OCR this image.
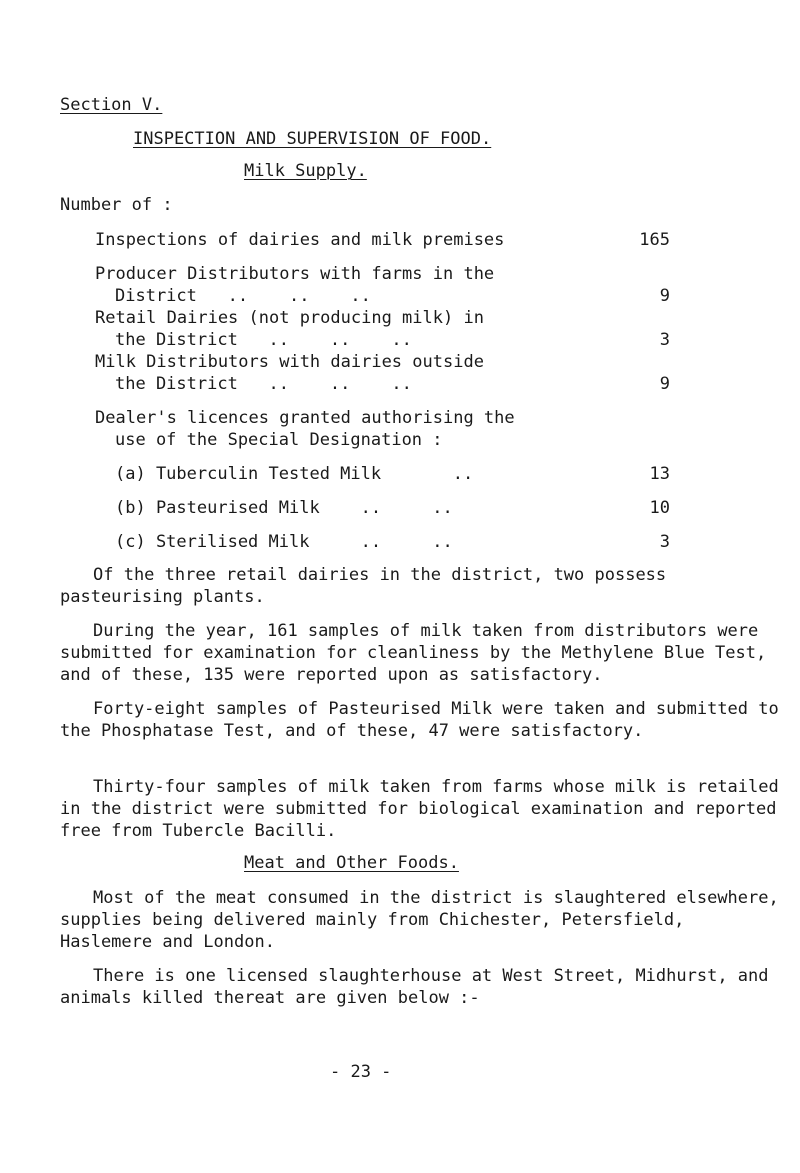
Section V.
INSPECTION AND SUPERVISION OF FOOD.
Milk Supply.
Number of :
Inspections of dairies and milk premises	165
Producer Distributors with farms in the
District   ..    ..    ..	9
Retail Dairies (not producing milk) in
the District   ..    ..    ..	3
Milk Distributors with dairies outside
the District   ..    ..    ..	9
Dealer's licences granted authorising the
use of the Special Designation :
(a) Tuberculin Tested Milk       ..	13
(b) Pasteurised Milk    ..     ..	10
(c) Sterilised Milk     ..     ..	3

Of the three retail dairies in the district, two possess pasteurising plants.

During the year, 161 samples of milk taken from distributors were submitted for examination for cleanliness by the Methylene Blue Test, and of these, 135 were reported upon as satisfactory.

Forty-eight samples of Pasteurised Milk were taken and submitted to the Phosphatase Test, and of these, 47 were satisfactory.

Thirty-four samples of milk taken from farms whose milk is retailed in the district were submitted for biological examination and reported free from Tubercle Bacilli.

Meat and Other Foods.

Most of the meat consumed in the district is slaughtered elsewhere, supplies being delivered mainly from Chichester, Petersfield, Haslemere and London.

There is one licensed slaughterhouse at West Street, Midhurst, and animals killed thereat are given below :-

- 23 -
